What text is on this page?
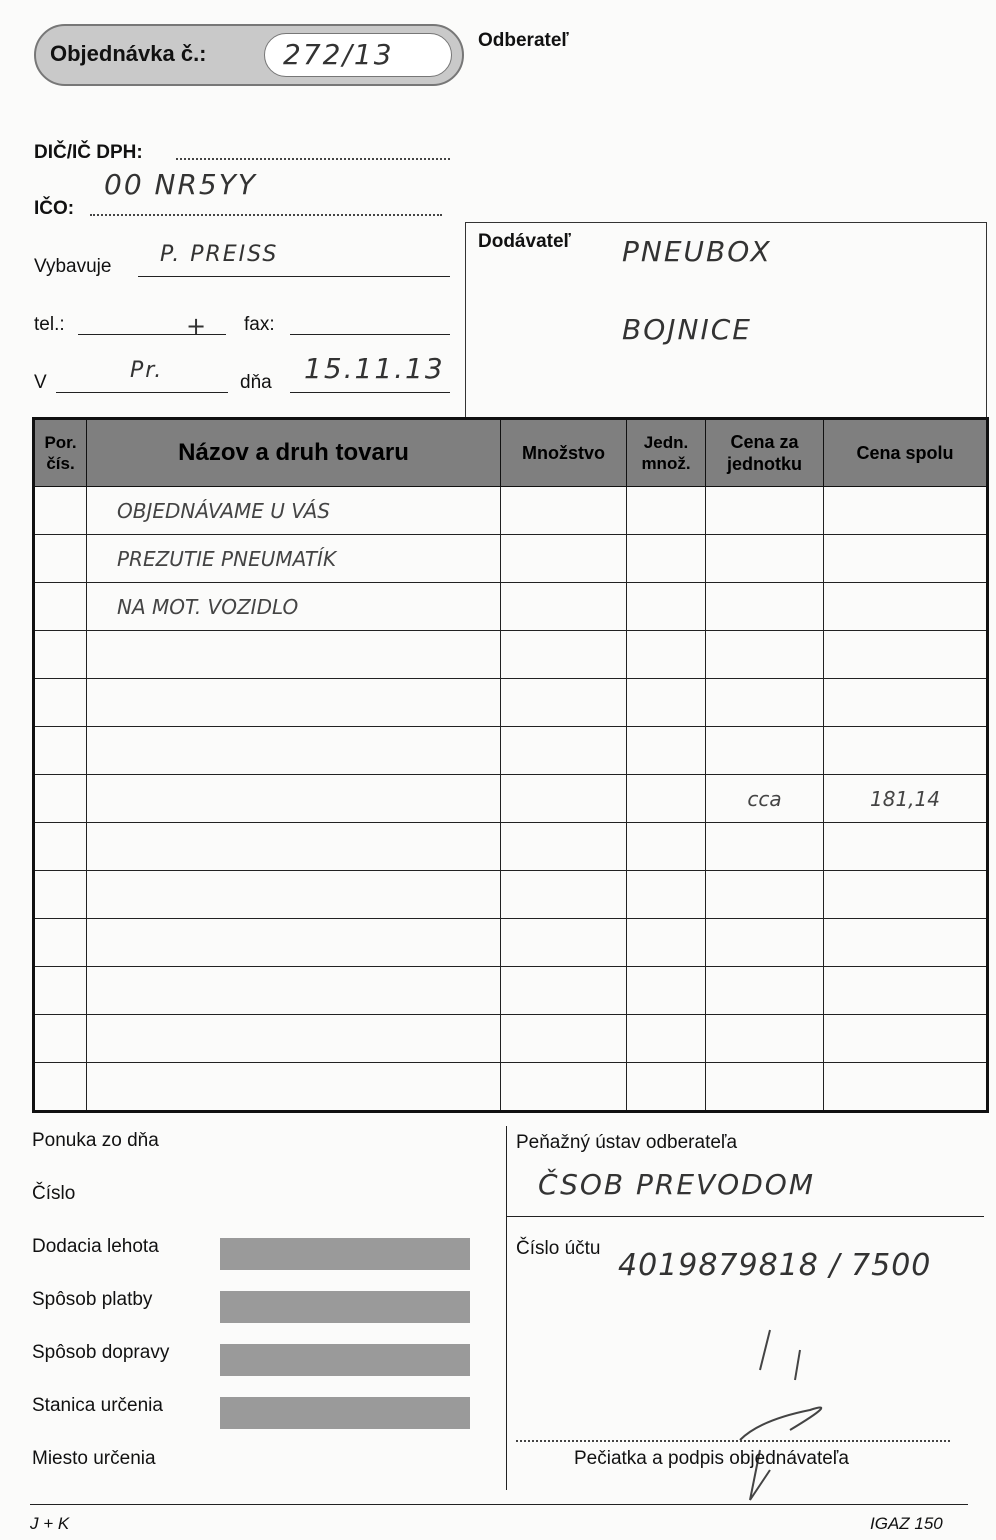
Objednávka č.:	272/13	Odberateľ
DIČ/IČ DPH:
IČO:
00 NR5YY
Vybavuje P. PREISS
tel.:	+ fax:
V	Pr.	dňa 15.11.13
Dodávateľ PNEUBOX
BOJNICE
Por. čís.	Názov a druh tovaru	Množstvo	Jedn. množ.	Cena za jednotku	Cena spolu
	OBJEDNÁVAME U VÁS				
	PREZUTIE PNEUMATÍK				
	NA MOT. VOZIDLO				

				cca	181,14

Ponuka zo dňa
Číslo
Dodacia lehota
Spôsob platby
Spôsob dopravy
Stanica určenia
Miesto určenia
Peňažný ústav odberateľa
ČSOB PREVODOM
Číslo účtu 4019879818 / 7500
Pečiatka a podpis objednávateľa
J + K	IGAZ 150
